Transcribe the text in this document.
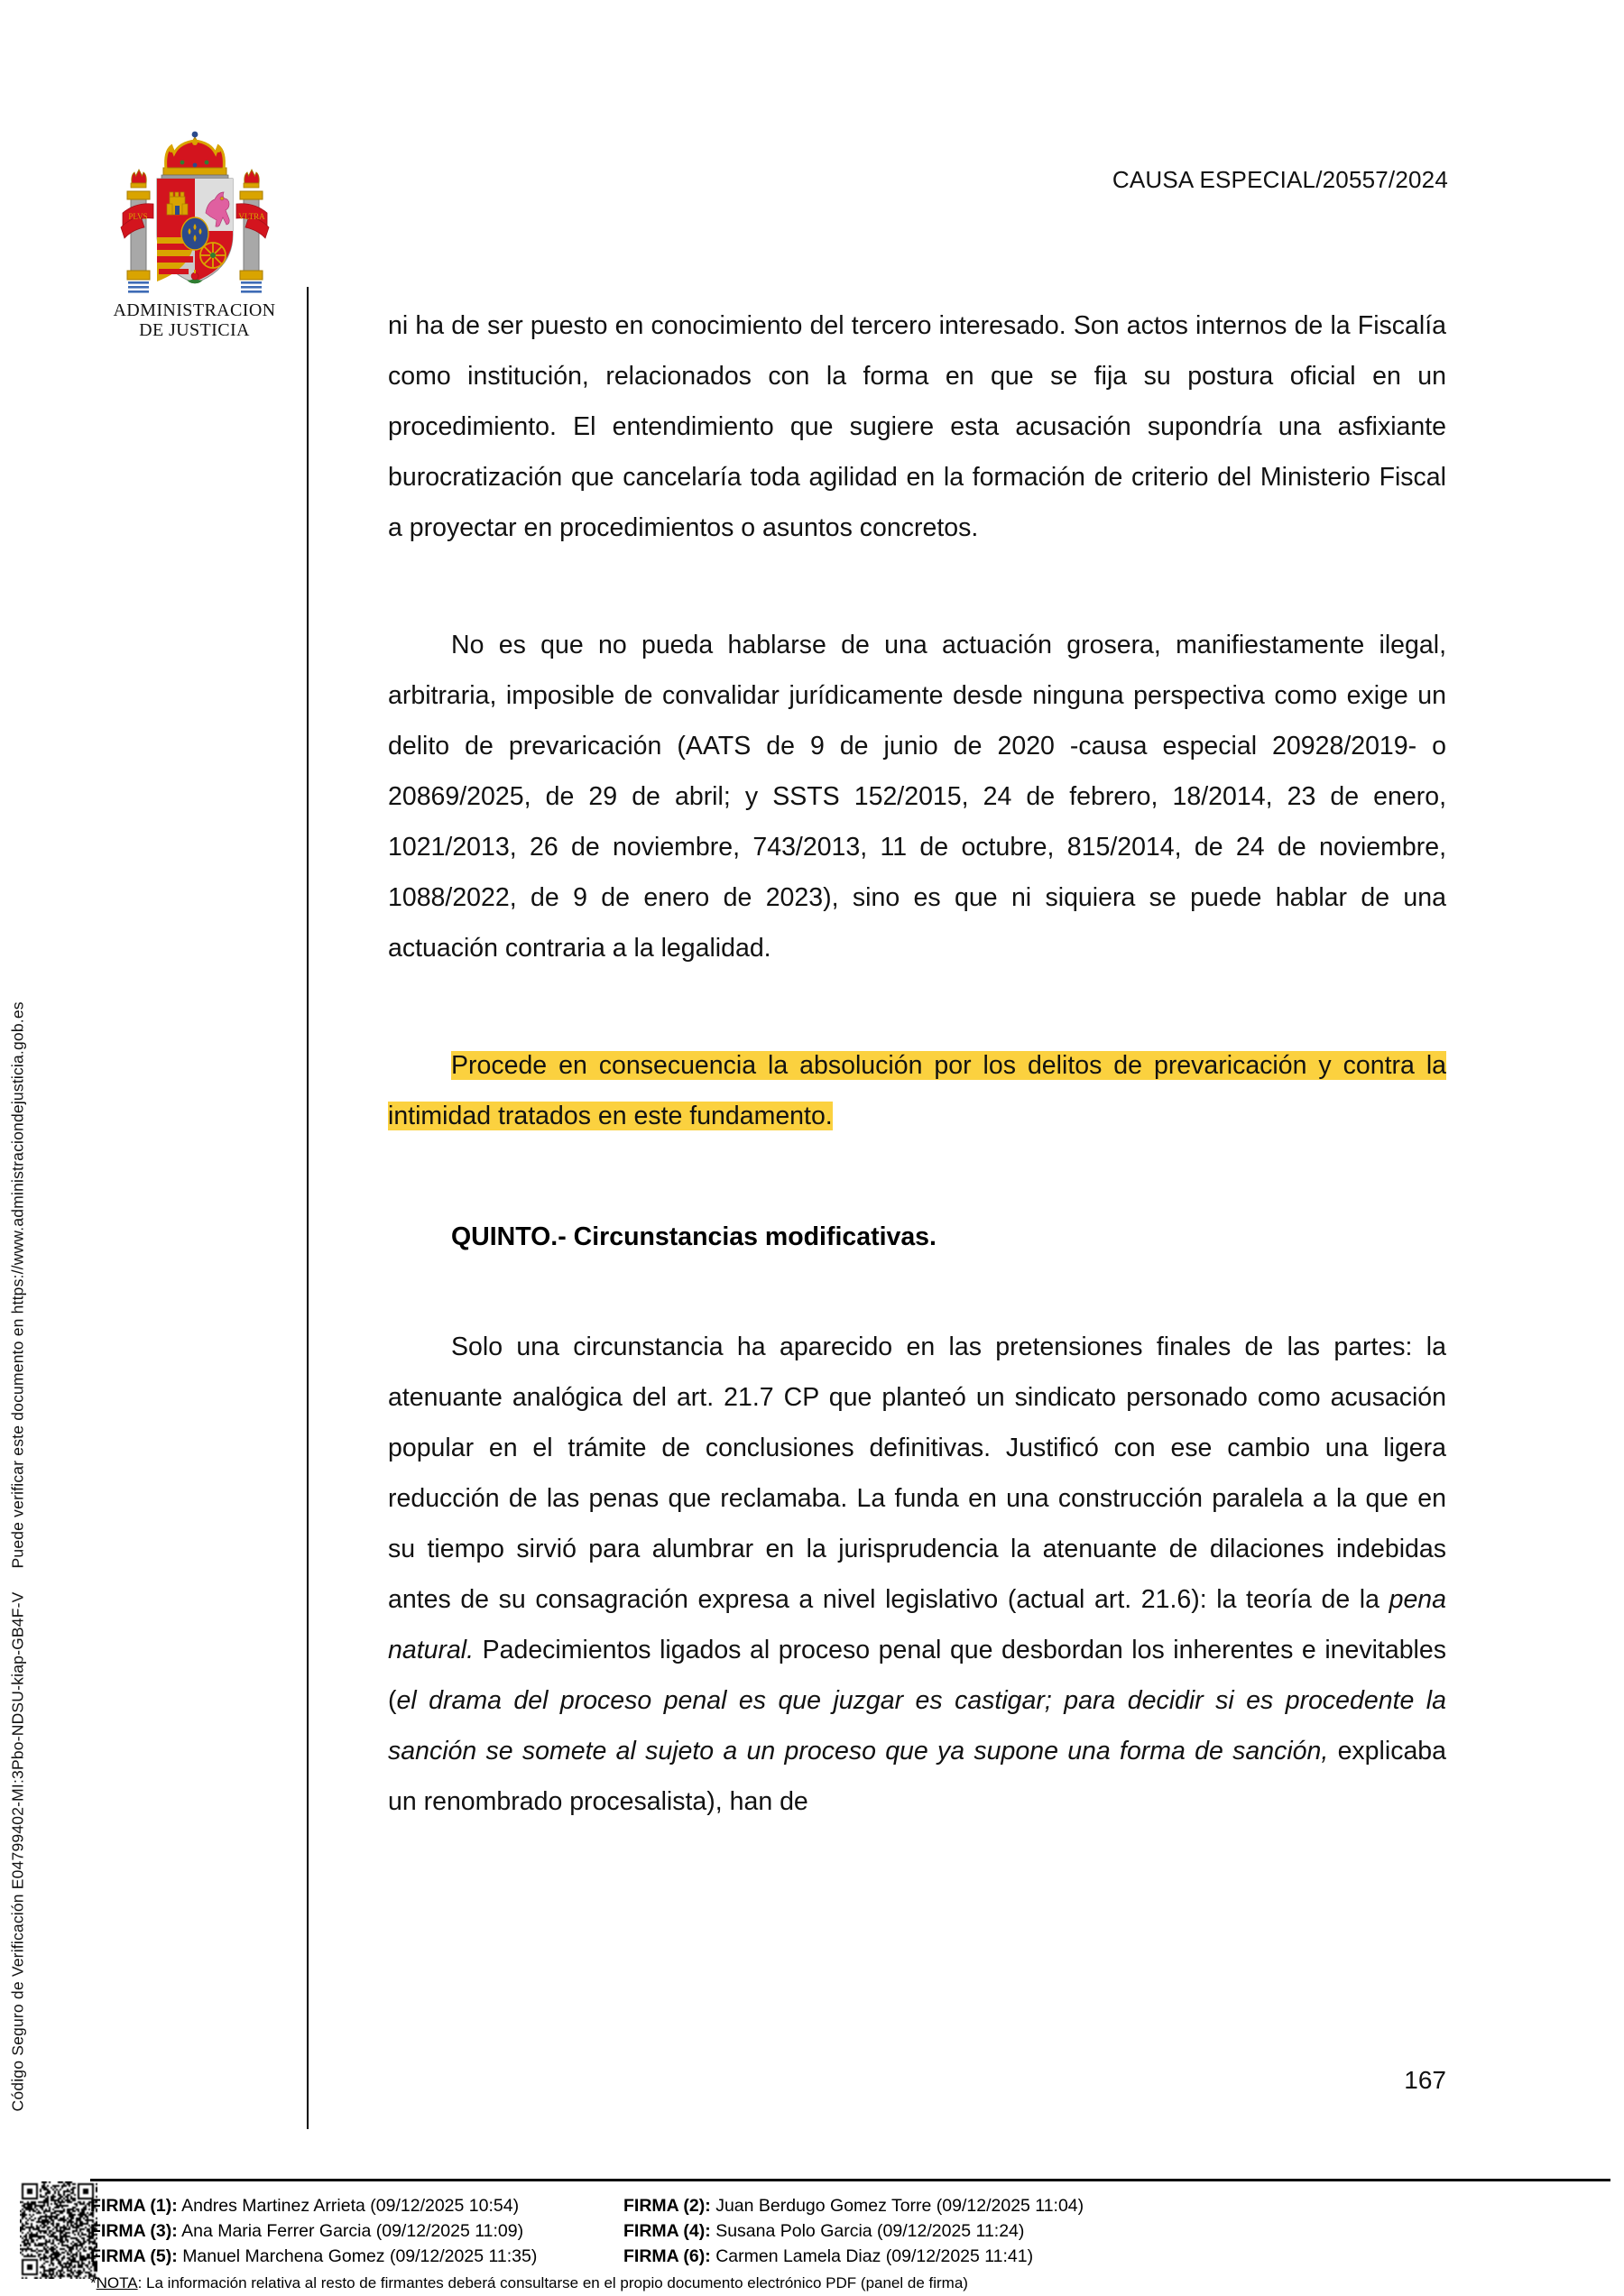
Código Seguro de Verificación E04799402-MI:3Pbo-NDSU-kiap-GB4F-VPuede verificar este documento en https://www.administraciondejusticia.gob.es
PLVS	VLTRA
ADMINISTRACION
DE JUSTICIA
CAUSA ESPECIAL/20557/2024

ni ha de ser puesto en conocimiento del tercero interesado. Son actos internos de la Fiscalía como institución, relacionados con la forma en que se fija su postura oficial en un procedimiento. El entendimiento que sugiere esta acusación supondría una asfixiante burocratización que cancelaría toda agilidad en la formación de criterio del Ministerio Fiscal a proyectar en procedimientos o asuntos concretos.

No es que no pueda hablarse de una actuación grosera, manifiestamente ilegal, arbitraria, imposible de convalidar jurídicamente desde ninguna perspectiva como exige un delito de prevaricación (AATS de 9 de junio de 2020 -causa especial 20928/2019- o 20869/2025, de 29 de abril; y SSTS 152/2015, 24 de febrero, 18/2014, 23 de enero, 1021/2013, 26 de noviembre, 743/2013, 11 de octubre, 815/2014, de 24 de noviembre, 1088/2022, de 9 de enero de 2023), sino es que ni siquiera se puede hablar de una actuación contraria a la legalidad.

Procede en consecuencia la absolución por los delitos de prevaricación y contra la intimidad tratados en este fundamento.
QUINTO.- Circunstancias modificativas.

Solo una circunstancia ha aparecido en las pretensiones finales de las partes: la atenuante analógica del art. 21.7 CP que planteó un sindicato personado como acusación popular en el trámite de conclusiones definitivas. Justificó con ese cambio una ligera reducción de las penas que reclamaba. La funda en una construcción paralela a la que en su tiempo sirvió para alumbrar en la jurisprudencia la atenuante de dilaciones indebidas antes de su consagración expresa a nivel legislativo (actual art. 21.6): la teoría de la pena natural. Padecimientos ligados al proceso penal que desbordan los inherentes e inevitables (el drama del proceso penal es que juzgar es castigar; para decidir si es procedente la sanción se somete al sujeto a un proceso que ya supone una forma de sanción, explicaba un renombrado procesalista), han de

167
FIRMA (1): Andres Martinez Arrieta (09/12/2025 10:54)	FIRMA (2): Juan Berdugo Gomez Torre (09/12/2025 11:04)
FIRMA (3): Ana Maria Ferrer Garcia (09/12/2025 11:09)	FIRMA (4): Susana Polo Garcia (09/12/2025 11:24)
FIRMA (5): Manuel Marchena Gomez (09/12/2025 11:35)	FIRMA (6): Carmen Lamela Diaz (09/12/2025 11:41)
*NOTA: La información relativa al resto de firmantes deberá consultarse en el propio documento electrónico PDF (panel de firma)
